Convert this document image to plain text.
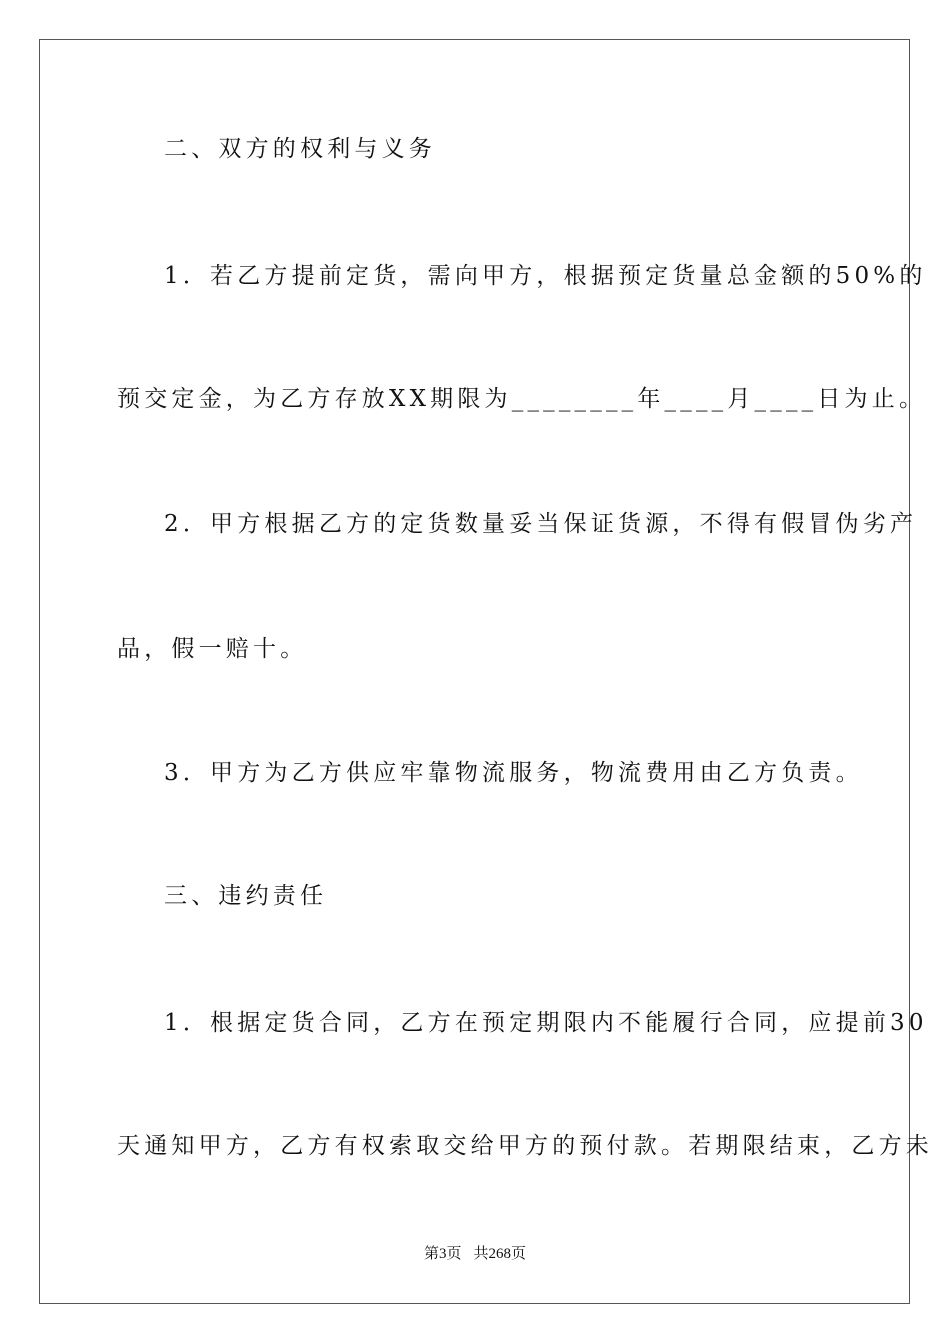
二、双方的权利与义务
1．若乙方提前定货，需向甲方，根据预定货量总金额的50%的
预交定金，为乙方存放XX期限为________年____月____日为止。
2．甲方根据乙方的定货数量妥当保证货源，不得有假冒伪劣产
品，假一赔十。
3．甲方为乙方供应牢靠物流服务，物流费用由乙方负责。
三、违约责任
1．根据定货合同，乙方在预定期限内不能履行合同，应提前30
天通知甲方，乙方有权索取交给甲方的预付款。若期限结束，乙方未
第3页 共268页
